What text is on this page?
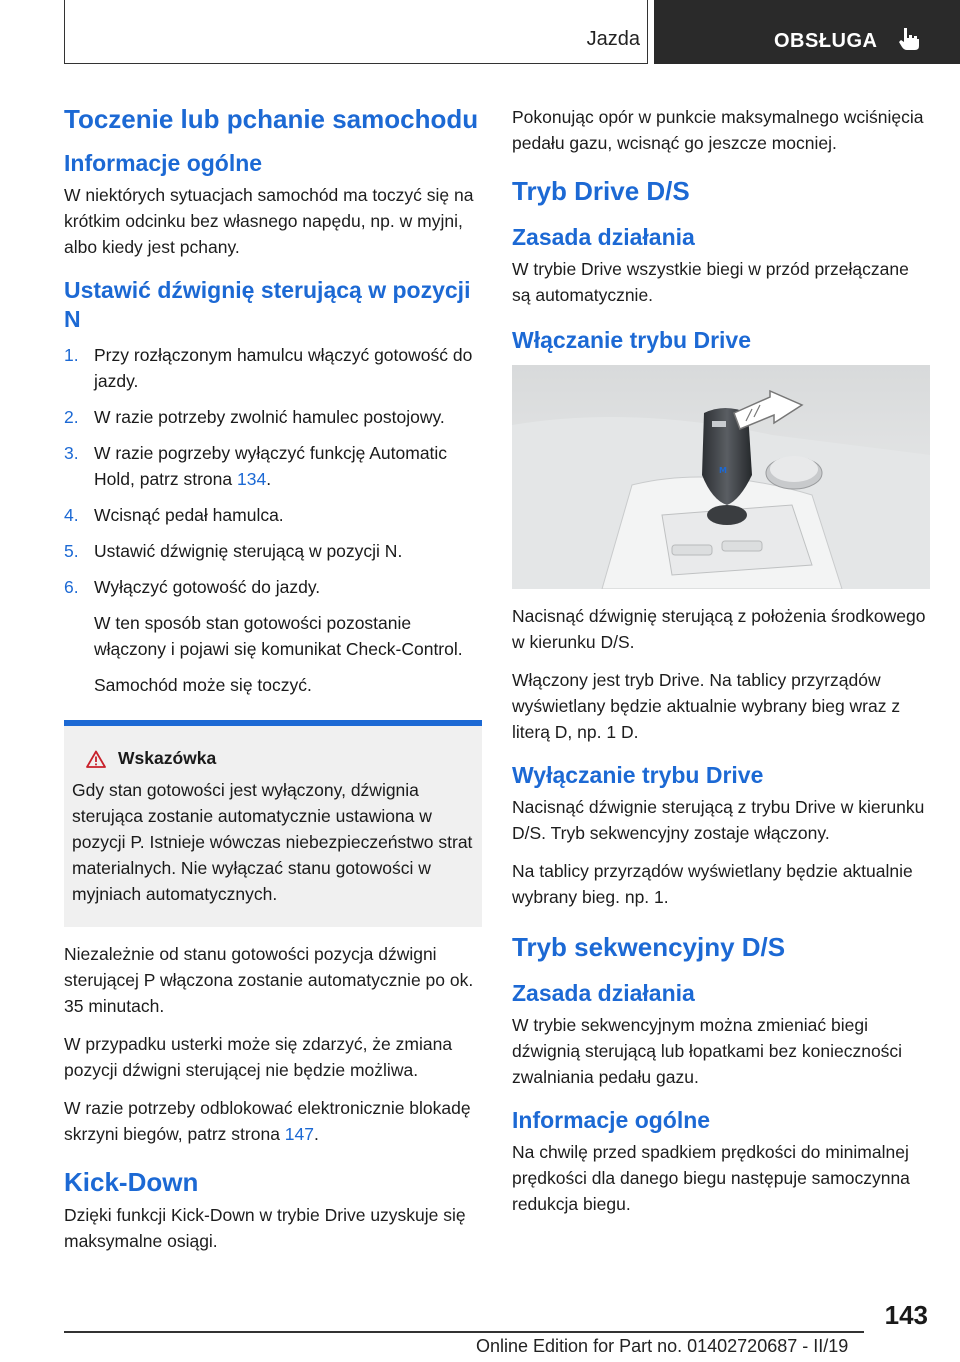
Jazda	OBSŁUGA
Toczenie lub pchanie samochodu
Informacje ogólne

W niektórych sytuacjach samochód ma toczyć się na krótkim odcinku bez własnego napędu, np. w myjni, albo kiedy jest pchany.

Ustawić dźwignię sterującą w pozycji N
1. Przy rozłączonym hamulcu włączyć gotowość do jazdy.
2. W razie potrzeby zwolnić hamulec postojowy.
3. W razie pogrzeby wyłączyć funkcję Automatic Hold, patrz strona 134.
4. Wcisnąć pedał hamulca.
5. Ustawić dźwignię sterującą w pozycji N.
6. Wyłączyć gotowość do jazdy.
W ten sposób stan gotowości pozostanie włączony i pojawi się komunikat Check-Control.
Samochód może się toczyć.
Wskazówka

Gdy stan gotowości jest wyłączony, dźwignia sterująca zostanie automatycznie ustawiona w pozycji P. Istnieje wówczas niebezpieczeństwo strat materialnych. Nie wyłączać stanu gotowości w myjniach automatycznych.

Niezależnie od stanu gotowości pozycja dźwigni sterującej P włączona zostanie automatycznie po ok. 35 minutach.

W przypadku usterki może się zdarzyć, że zmiana pozycji dźwigni sterującej nie będzie możliwa.

W razie potrzeby odblokować elektronicznie blokadę skrzyni biegów, patrz strona 147.

Kick-Down

Dzięki funkcji Kick-Down w trybie Drive uzyskuje się maksymalne osiągi.

Pokonując opór w punkcie maksymalnego wciśnięcia pedału gazu, wcisnąć go jeszcze mocniej.

Tryb Drive D/S
Zasada działania

W trybie Drive wszystkie biegi w przód przełączane są automatycznie.

Włączanie trybu Drive
M

Nacisnąć dźwignię sterującą z położenia środkowego w kierunku D/S.

Włączony jest tryb Drive. Na tablicy przyrządów wyświetlany będzie aktualnie wybrany bieg wraz z literą D, np. 1 D.

Wyłączanie trybu Drive

Nacisnąć dźwignie sterującą z trybu Drive w kierunku D/S. Tryb sekwencyjny zostaje włączony.

Na tablicy przyrządów wyświetlany będzie aktualnie wybrany bieg. np. 1.

Tryb sekwencyjny D/S
Zasada działania

W trybie sekwencyjnym można zmieniać biegi dźwignią sterującą lub łopatkami bez konieczności zwalniania pedału gazu.

Informacje ogólne

Na chwilę przed spadkiem prędkości do minimalnej prędkości dla danego biegu następuje samoczynna redukcja biegu.

143
Online Edition for Part no. 01402720687 - II/19
